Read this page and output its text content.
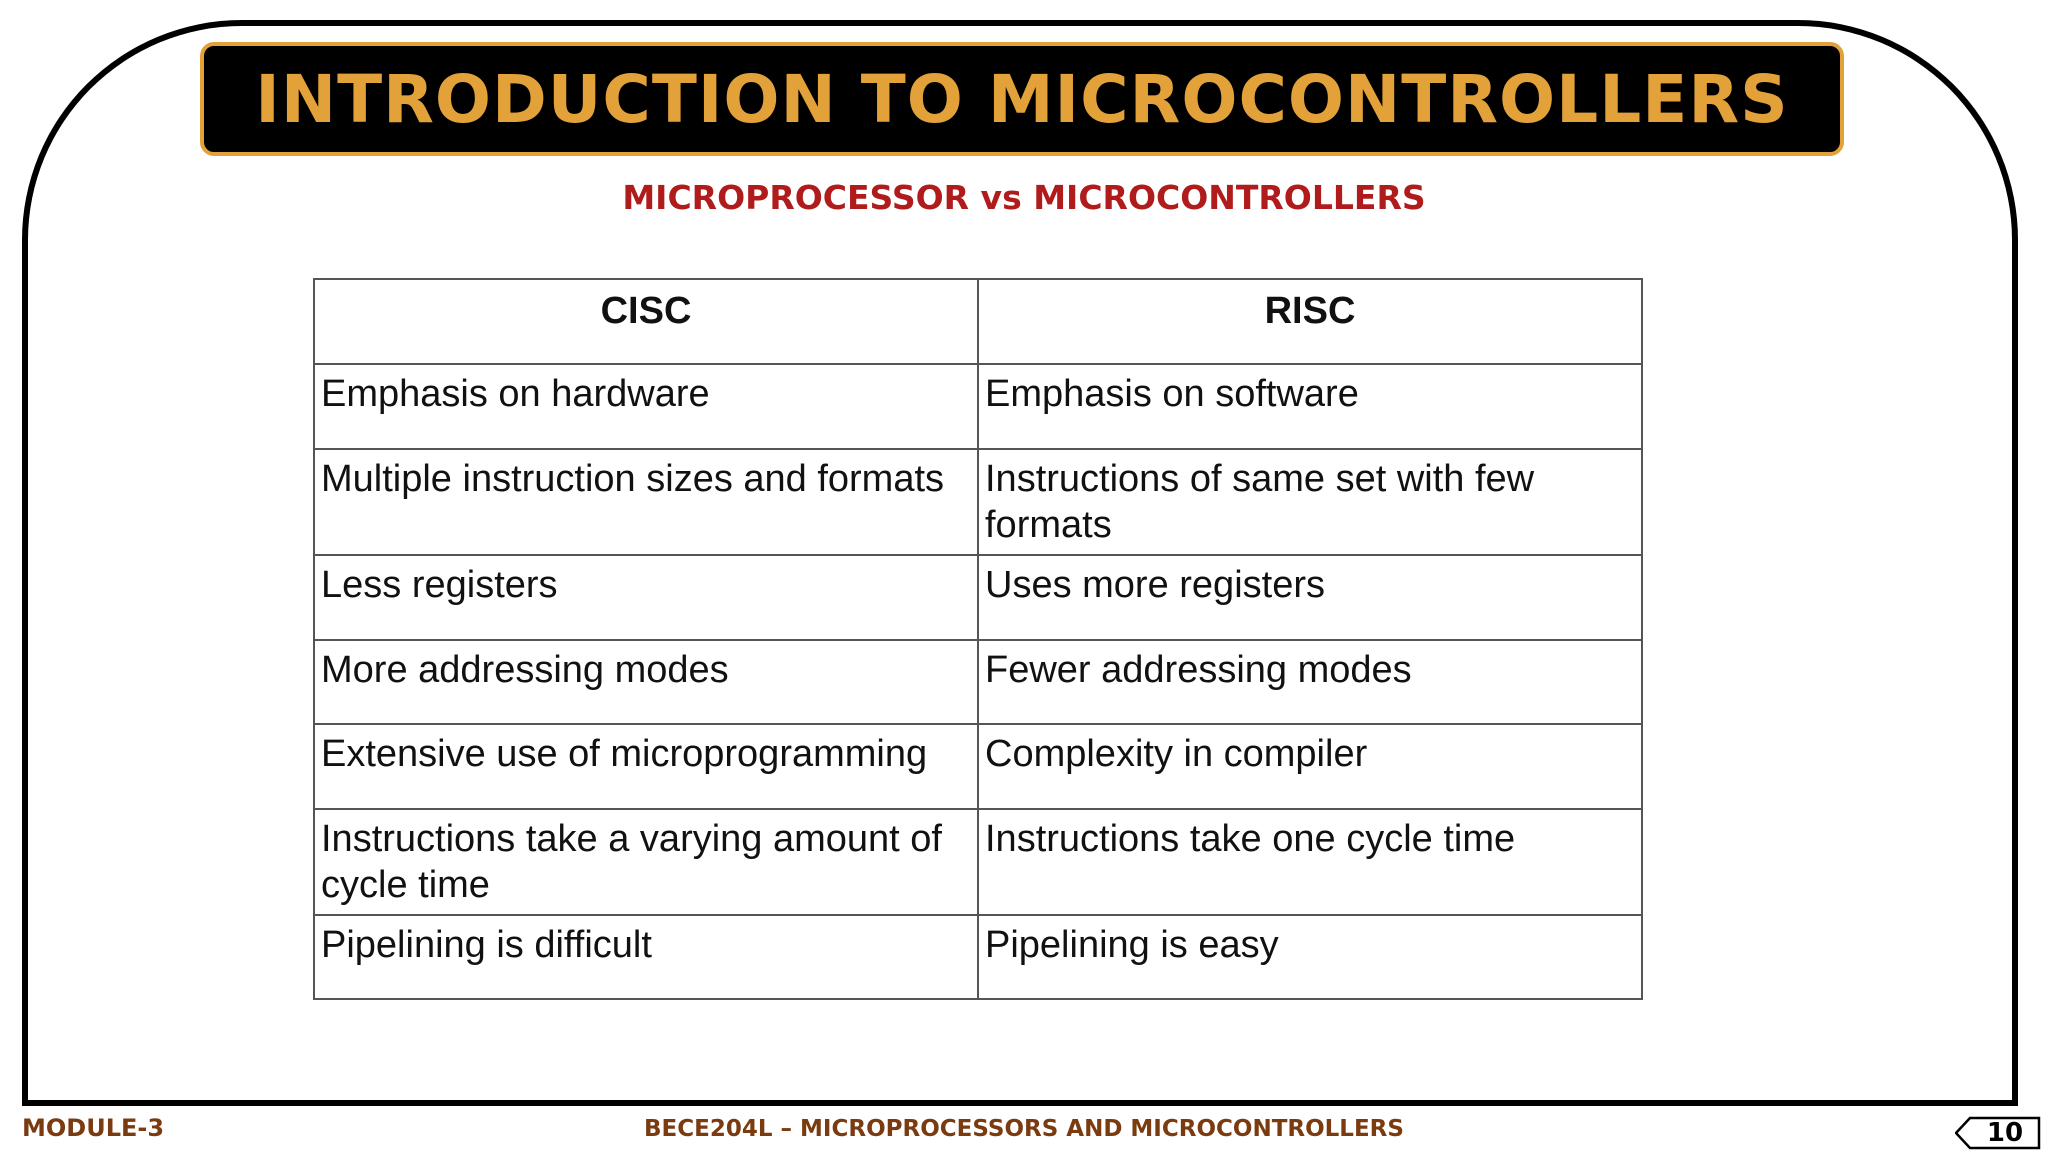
INTRODUCTION TO MICROCONTROLLERS
MICROPROCESSOR vs MICROCONTROLLERS
CISC	RISC
Emphasis on hardware	Emphasis on software
Multiple instruction sizes and formats	Instructions of same set with few formats
Less registers	Uses more registers
More addressing modes	Fewer addressing modes
Extensive use of microprogramming	Complexity in compiler
Instructions take a varying amount of cycle time	Instructions take one cycle time
Pipelining is difficult	Pipelining is easy
MODULE-3	BECE204L – MICROPROCESSORS AND MICROCONTROLLERS	10
